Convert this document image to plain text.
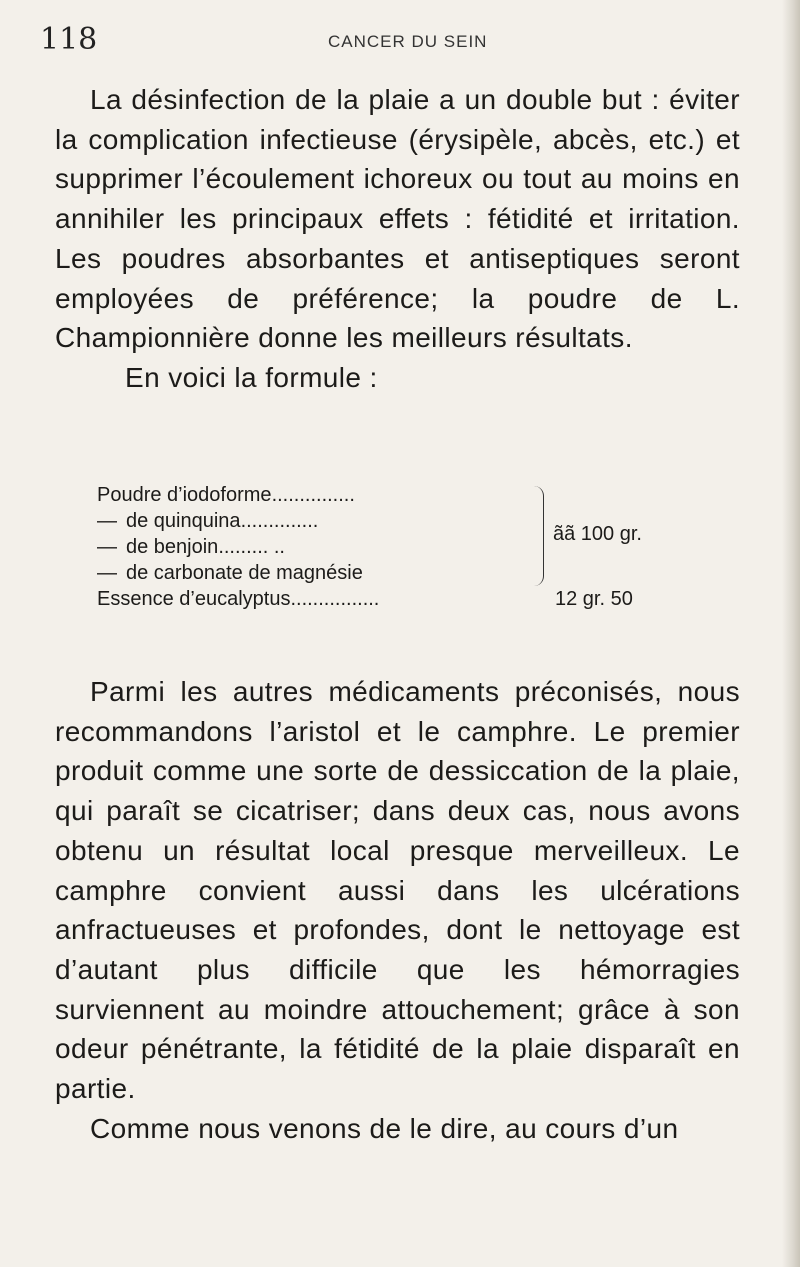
118	CANCER DU SEIN

La désinfection de la plaie a un double but : éviter la complication infectieuse (érysipèle, abcès, etc.) et supprimer l’écoulement ichoreux ou tout au moins en annihiler les principaux effets : fétidité et irritation. Les poudres absorbantes et antiseptiques seront employées de préférence; la poudre de L. Championnière donne les meilleurs résultats.

En voici la formule :

Poudre d’iodoforme...............
— de quinquina..............
— de benjoin......... ..
— de carbonate de magnésie
Essence d’eucalyptus................
ãã 100 gr.
12 gr. 50

Parmi les autres médicaments préconisés, nous recommandons l’aristol et le camphre. Le premier produit comme une sorte de dessiccation de la plaie, qui paraît se cicatriser; dans deux cas, nous avons obtenu un résultat local presque merveilleux. Le camphre convient aussi dans les ulcérations anfractueuses et profondes, dont le nettoyage est d’autant plus difficile que les hémorragies surviennent au moindre attouchement; grâce à son odeur pénétrante, la fétidité de la plaie disparaît en partie.

Comme nous venons de le dire, au cours d’un
